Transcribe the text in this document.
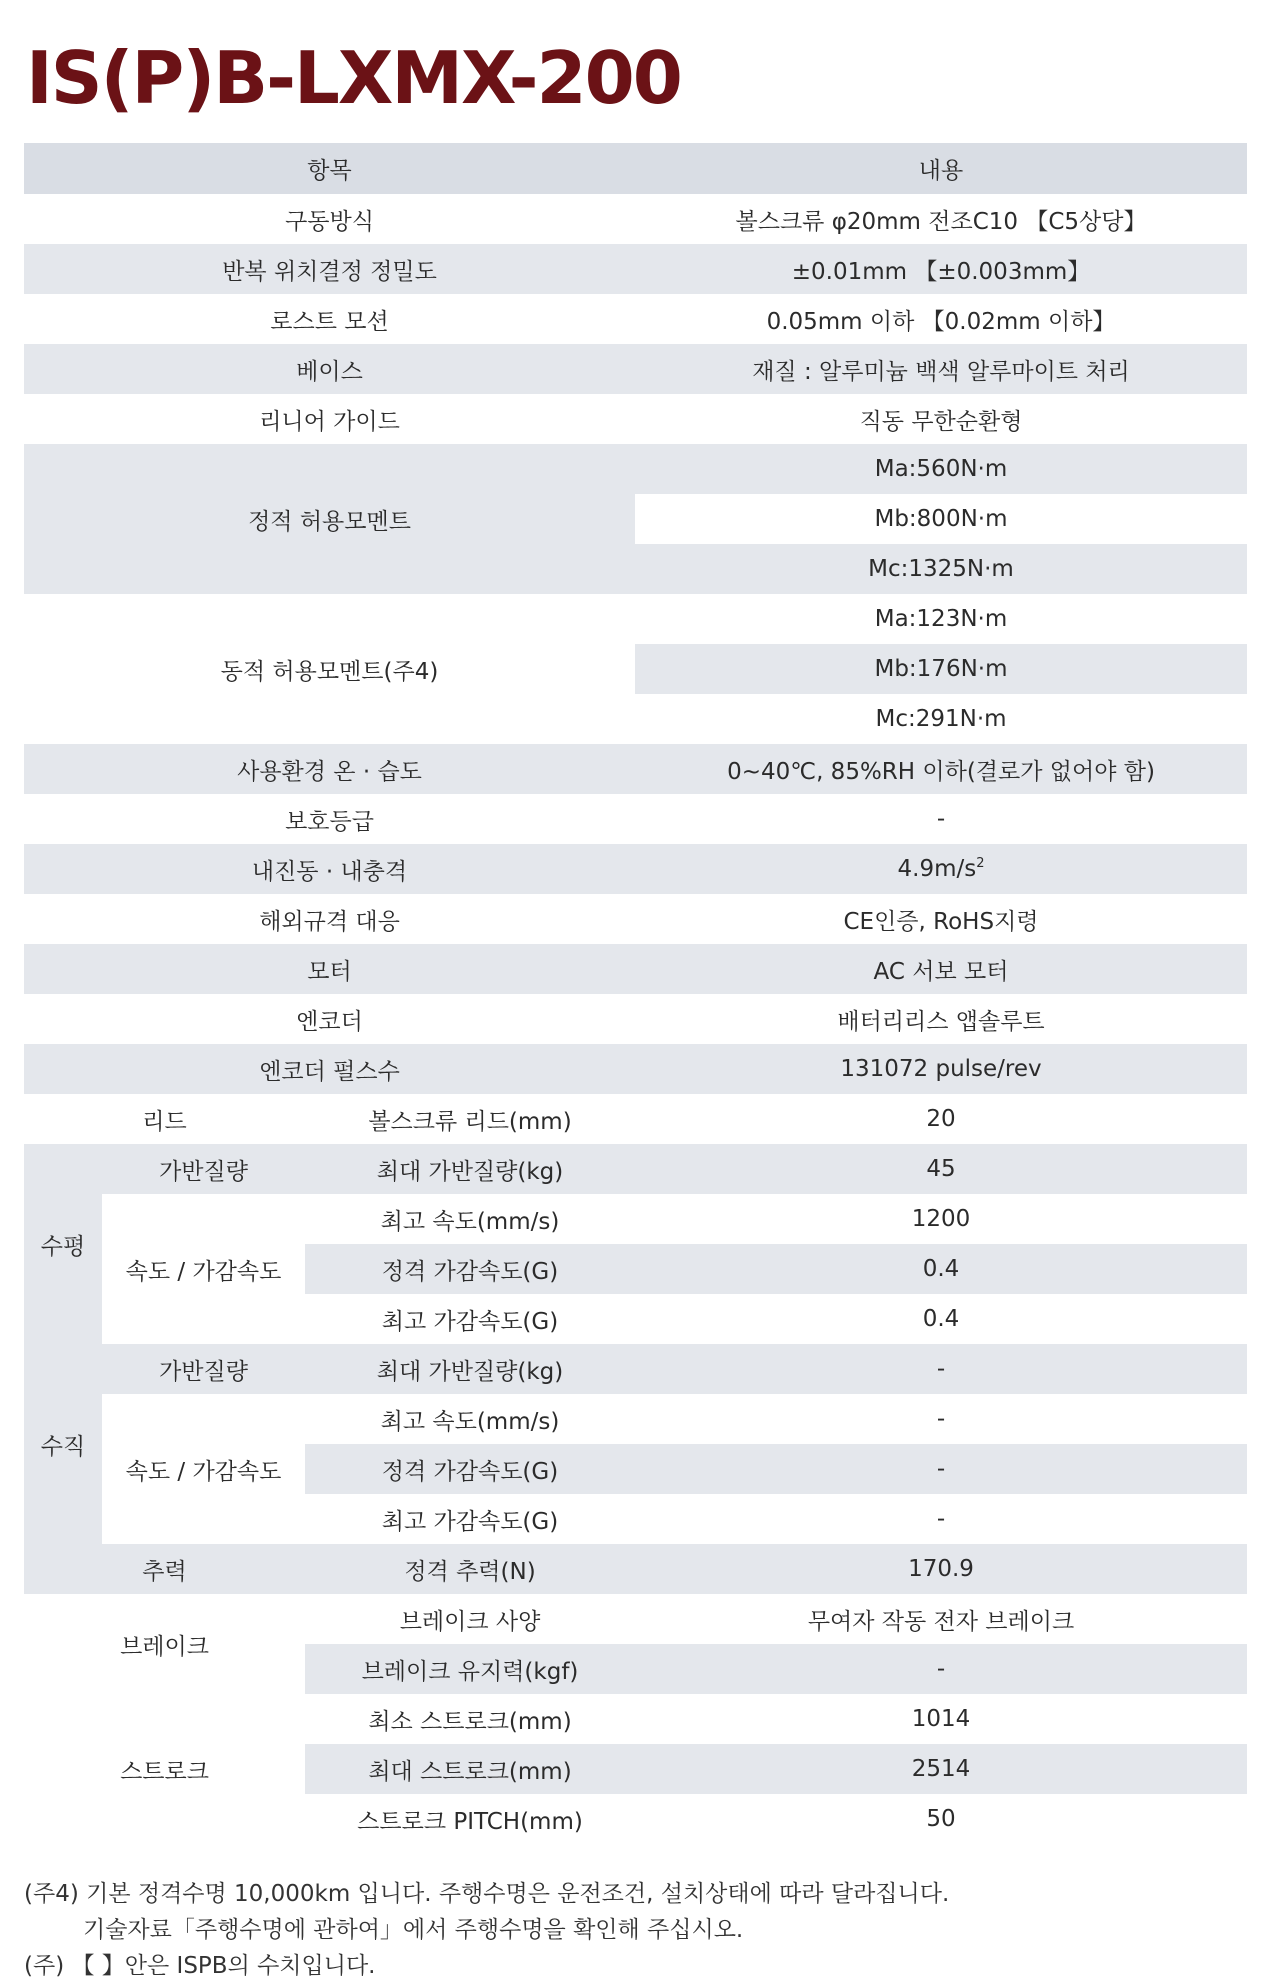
IS(P)B-LXMX-200
항목			내용
구동방식			볼스크류 φ20mm 전조C10 【C5상당】
반복 위치결정 정밀도			±0.01mm 【±0.003mm】
로스트 모션			0.05mm 이하 【0.02mm 이하】
베이스			재질 : 알루미늄 백색 알루마이트 처리
리니어 가이드			직동 무한순환형
정적 허용모멘트			Ma:560N·m
			Mb:800N·m
			Mc:1325N·m
동적 허용모멘트(주4)			Ma:123N·m
			Mb:176N·m
			Mc:291N·m
사용환경 온 · 습도			0~40℃, 85%RH 이하(결로가 없어야 함)
보호등급			-
내진동 · 내충격			$4.9m/s^2$
해외규격 대응			CE인증, RoHS지령
모터			AC 서보 모터
엔코더			배터리리스 앱솔루트
엔코더 펄스수			131072 pulse/rev
리드		볼스크류 리드(mm)	20
수평	가반질량	최대 가반질량(kg)	45
	속도 / 가감속도	최고 속도(mm/s)	1200
		정격 가감속도(G)	0.4
		최고 가감속도(G)	0.4
수직	가반질량	최대 가반질량(kg)	-
	속도 / 가감속도	최고 속도(mm/s)	-
		정격 가감속도(G)	-
		최고 가감속도(G)	-
추력		정격 추력(N)	170.9
브레이크		브레이크 사양	무여자 작동 전자 브레이크
		브레이크 유지력(kgf)	-
스트로크		최소 스트로크(mm)	1014
		최대 스트로크(mm)	2514
		스트로크 PITCH(mm)	50
(주4) 기본 정격수명 10,000km 입니다. 주행수명은 운전조건, 설치상태에 따라 달라집니다.
기술자료「주행수명에 관하여」에서 주행수명을 확인해 주십시오.
(주) 【 】안은 ISPB의 수치입니다.
